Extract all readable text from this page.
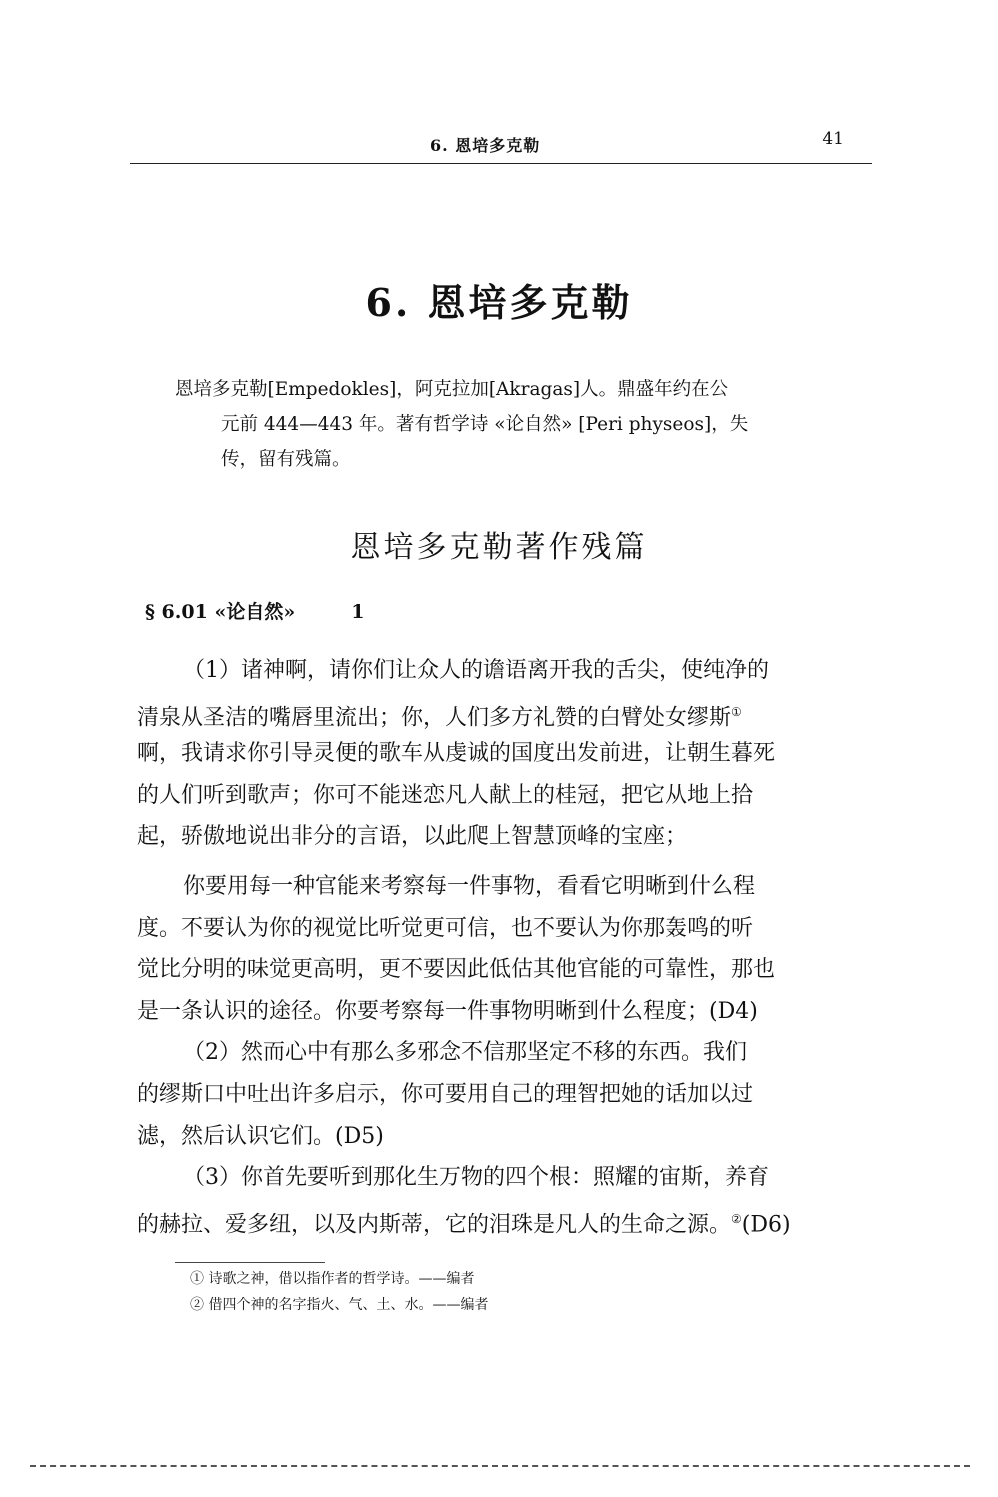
6. 恩培多克勒	41
6. 恩培多克勒
恩培多克勒[Empedokles]，阿克拉加[Akragas]人。鼎盛年约在公
元前 444—443 年。著有哲学诗 «论自然» [Peri physeos]，失
传，留有残篇。
恩培多克勒著作残篇
§ 6.01 «论自然»	1
（1）诸神啊，请你们让众人的谵语离开我的舌尖，使纯净的
清泉从圣洁的嘴唇里流出；你，人们多方礼赞的白臂处女缪斯①
啊，我请求你引导灵便的歌车从虔诚的国度出发前进，让朝生暮死
的人们听到歌声；你可不能迷恋凡人献上的桂冠，把它从地上拾
起，骄傲地说出非分的言语，以此爬上智慧顶峰的宝座；
你要用每一种官能来考察每一件事物，看看它明晰到什么程
度。不要认为你的视觉比听觉更可信，也不要认为你那轰鸣的听
觉比分明的味觉更高明，更不要因此低估其他官能的可靠性，那也
是一条认识的途径。你要考察每一件事物明晰到什么程度；(D4)
（2）然而心中有那么多邪念不信那坚定不移的东西。我们
的缪斯口中吐出许多启示，你可要用自己的理智把她的话加以过
滤，然后认识它们。(D5)
（3）你首先要听到那化生万物的四个根：照耀的宙斯，养育
的赫拉、爱多纽，以及内斯蒂，它的泪珠是凡人的生命之源。②(D6)
① 诗歌之神，借以指作者的哲学诗。——编者
② 借四个神的名字指火、气、土、水。——编者
